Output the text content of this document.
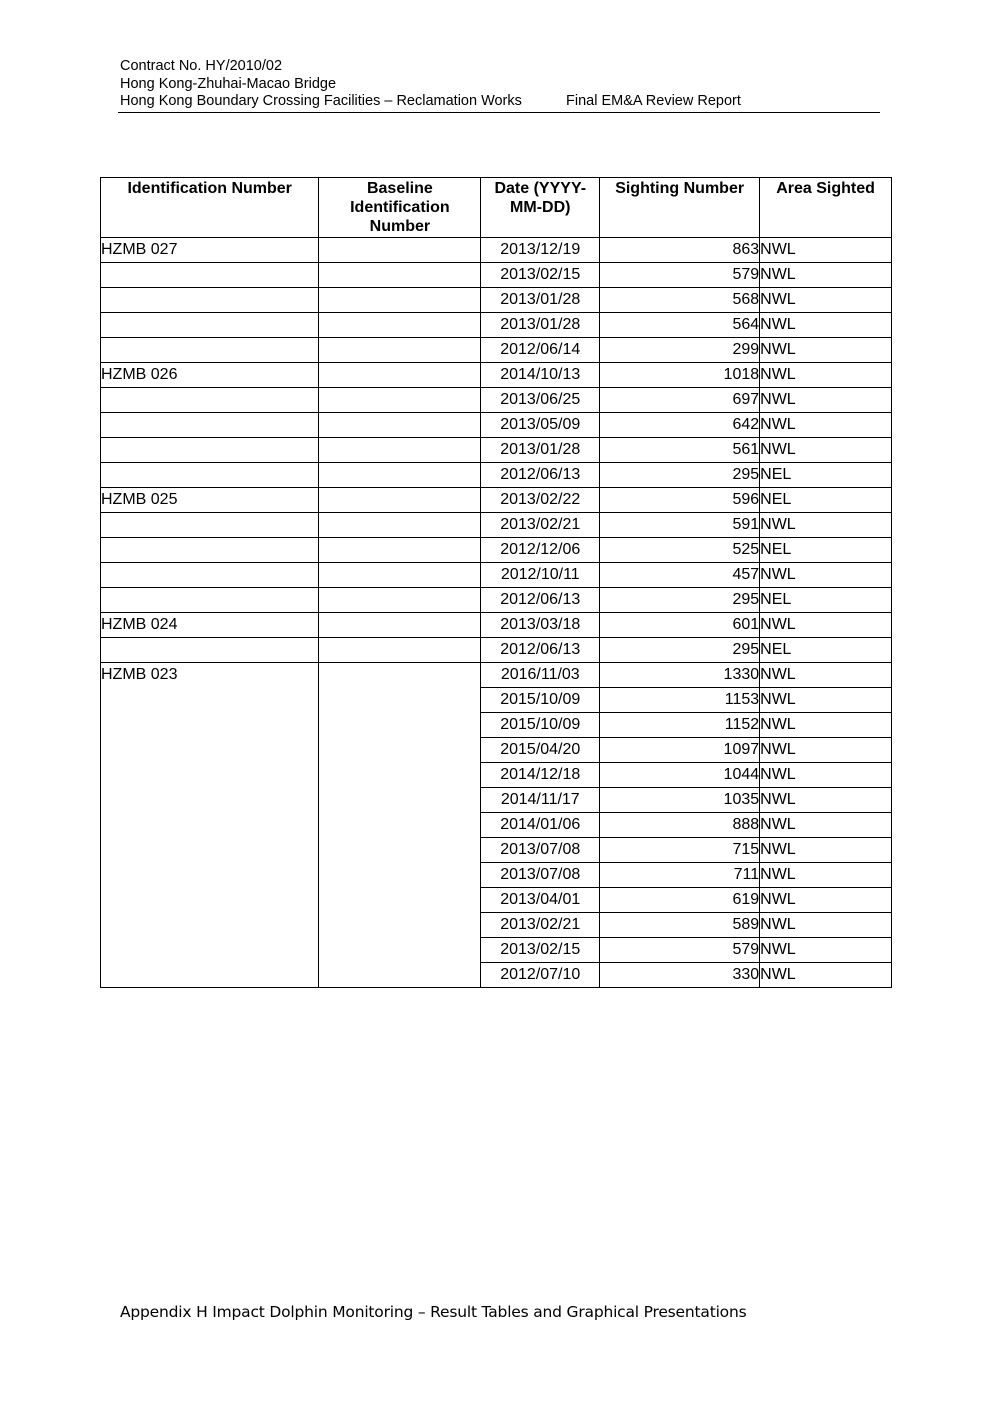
Contract No. HY/2010/02
Hong Kong-Zhuhai-Macao Bridge
Hong Kong Boundary Crossing Facilities – Reclamation Works	Final EM&A Review Report
Identification Number	Baseline Identification Number	Date (YYYY-MM-DD)	Sighting Number	Area Sighted
HZMB 027		2013/12/19	863	NWL
		2013/02/15	579	NWL
		2013/01/28	568	NWL
		2013/01/28	564	NWL
		2012/06/14	299	NWL
HZMB 026		2014/10/13	1018	NWL
		2013/06/25	697	NWL
		2013/05/09	642	NWL
		2013/01/28	561	NWL
		2012/06/13	295	NEL
HZMB 025		2013/02/22	596	NEL
		2013/02/21	591	NWL
		2012/12/06	525	NEL
		2012/10/11	457	NWL
		2012/06/13	295	NEL
HZMB 024		2013/03/18	601	NWL
		2012/06/13	295	NEL
HZMB 023		2016/11/03	1330	NWL
		2015/10/09	1153	NWL
		2015/10/09	1152	NWL
		2015/04/20	1097	NWL
		2014/12/18	1044	NWL
		2014/11/17	1035	NWL
		2014/01/06	888	NWL
		2013/07/08	715	NWL
		2013/07/08	711	NWL
		2013/04/01	619	NWL
		2013/02/21	589	NWL
		2013/02/15	579	NWL
		2012/07/10	330	NWL
Appendix H Impact Dolphin Monitoring – Result Tables and Graphical Presentations
